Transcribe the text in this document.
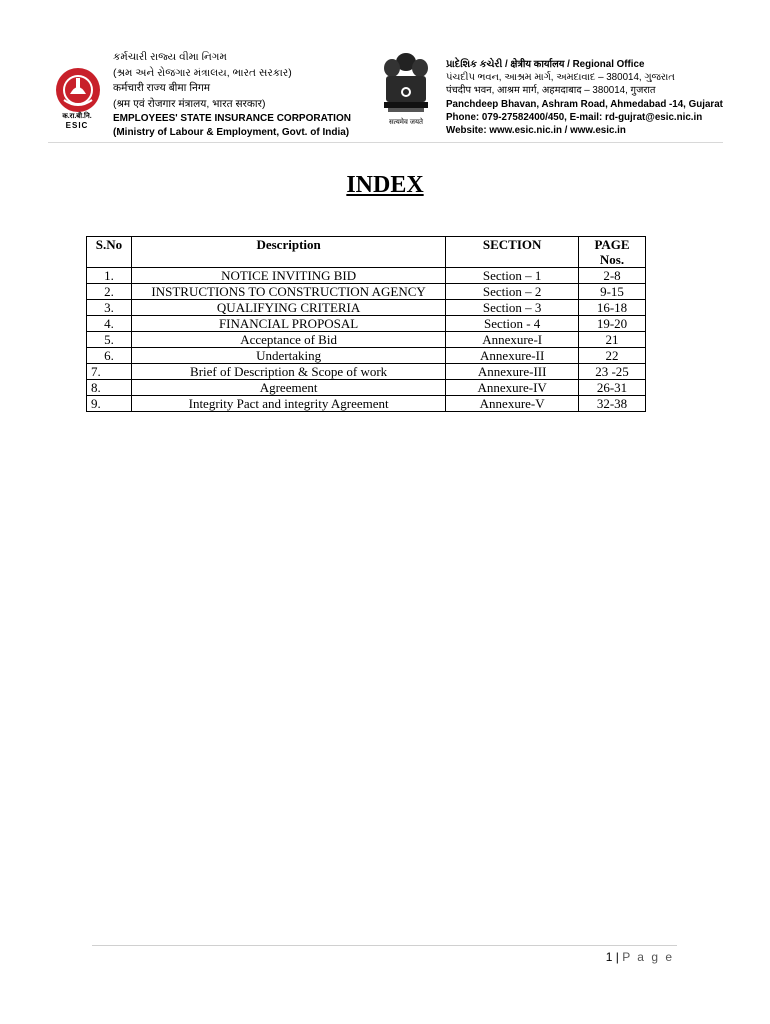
क.रा.बी.नि.
ESIC
કર્મચારી રાજ્ય વીમા નિગમ
(શ્રમ અને રોજગાર મંત્રાલય, ભારત સરકાર)
कर्मचारी राज्य बीमा निगम
(श्रम एवं रोजगार मंत्रालय, भारत सरकार)
EMPLOYEES' STATE INSURANCE CORPORATION
(Ministry of Labour & Employment, Govt. of India)
सत्यमेव जयते
પ્રાદેશિક કચેરી / क्षेत्रीय कार्यालय / Regional Office
પંચદીપ ભવન, આશ્રમ માર્ગ, અમદાવાદ – 380014, ગુજરાત
पंचदीप भवन, आश्रम मार्ग, अहमदाबाद – 380014, गुजरात
Panchdeep Bhavan, Ashram Road, Ahmedabad -14, Gujarat
Phone: 079-27582400/450, E-mail: rd-gujrat@esic.nic.in
Website: www.esic.nic.in / www.esic.in
INDEX
S.No	Description	SECTION	PAGE Nos.
1.	NOTICE INVITING BID	Section – 1	2-8
2.	INSTRUCTIONS TO CONSTRUCTION AGENCY	Section – 2	9-15
3.	QUALIFYING CRITERIA	Section – 3	16-18
4.	FINANCIAL PROPOSAL	Section - 4	19-20
5.	Acceptance of Bid	Annexure-I	21
6.	Undertaking	Annexure-II	22
7.	Brief of Description & Scope of work	Annexure-III	23 -25
8.	Agreement	Annexure-IV	26-31
9.	Integrity Pact and integrity Agreement	Annexure-V	32-38
1 | P a g e
